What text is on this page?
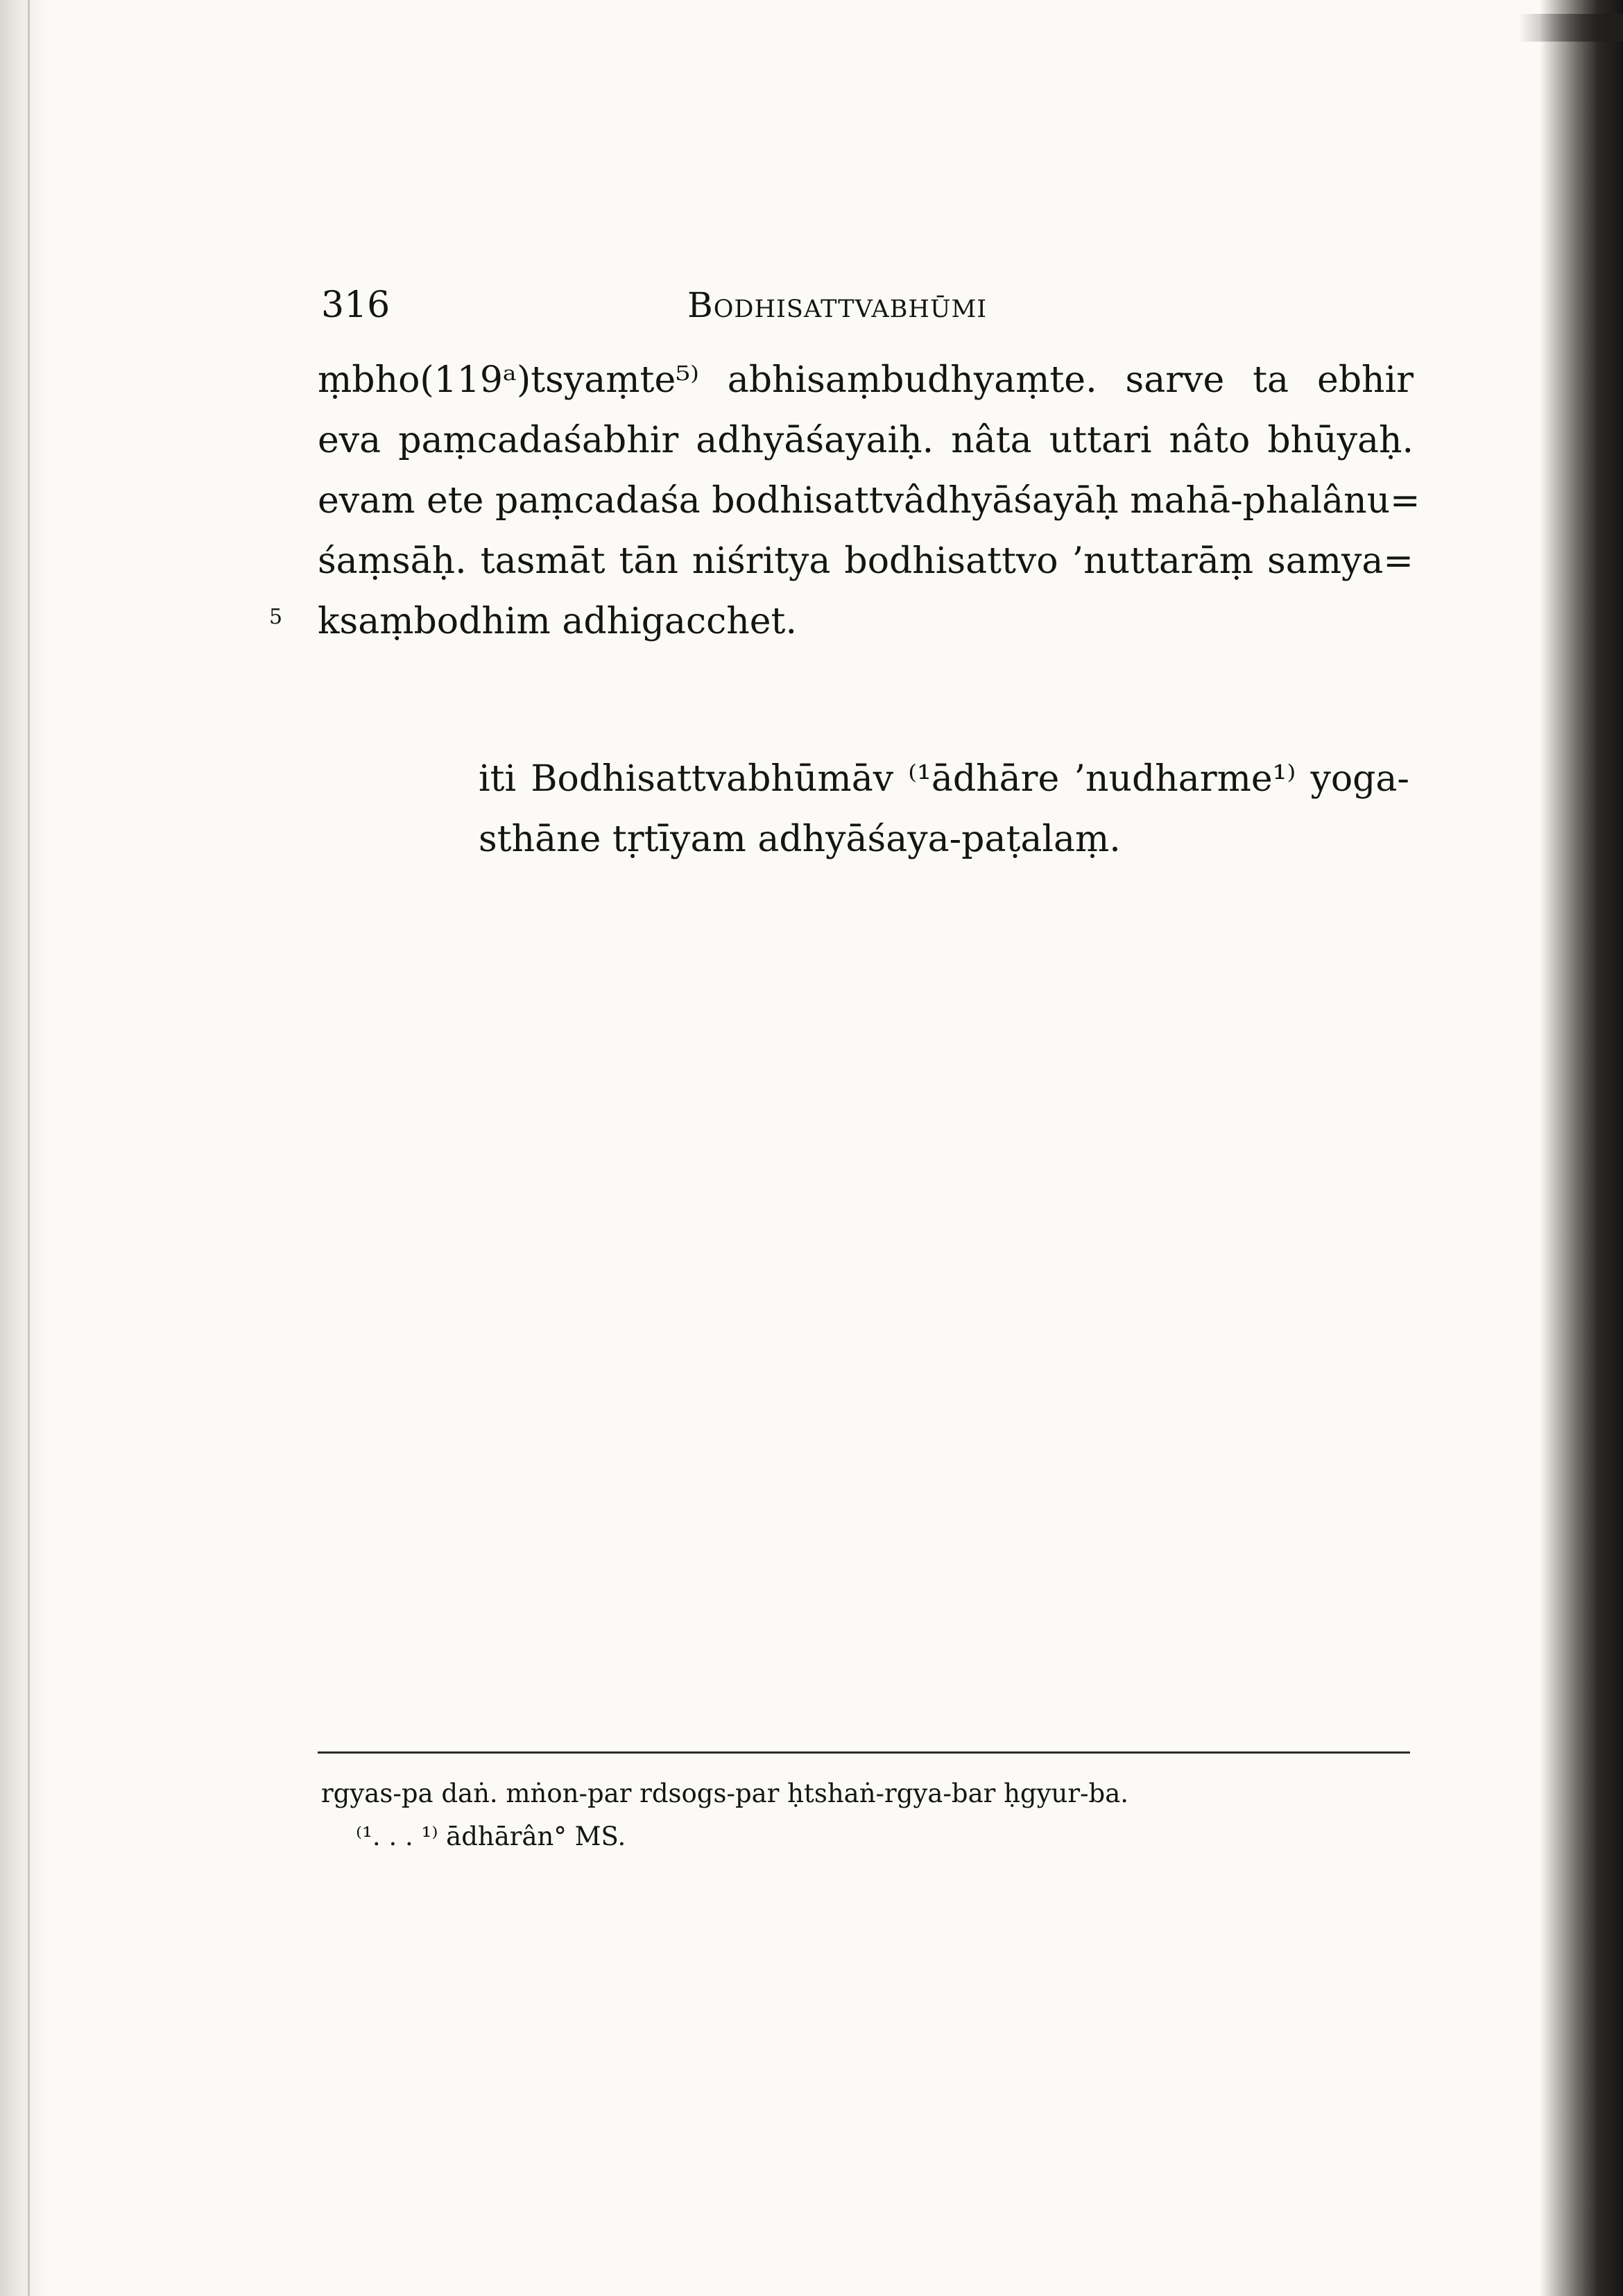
316	Bodhisattvabhūmi
ṃbho(119ᵃ)tsyaṃte⁵⁾ abhisaṃbudhyaṃte. sarve ta ebhir
eva paṃcadaśabhir adhyāśayaiḥ. nâta uttari nâto bhūyaḥ.
evam ete paṃcadaśa bodhisattvâdhyāśayāḥ mahā-phalânu=
śaṃsāḥ. tasmāt tān niśritya bodhisattvo ’nuttarāṃ samya=
ksaṃbodhim adhigacchet.
5
iti Bodhisattvabhūmāv ⁽¹ādhāre ’nudharme¹⁾ yoga-
sthāne tṛtīyam adhyāśaya-paṭalaṃ.
rgyas-pa daṅ. mṅon-par rdsogs-par ḥtshaṅ-rgya-bar ḥgyur-ba.
⁽¹. . . ¹⁾ ādhārân° MS.
